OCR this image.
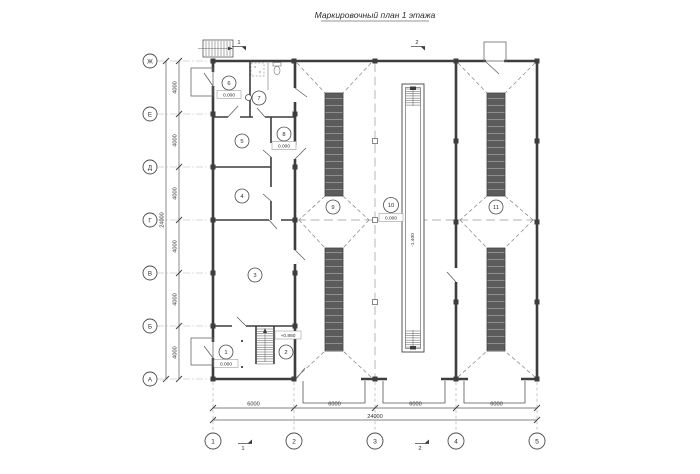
Маркировочный план 1 этажа
-1.400
4000
4000
4000
4000
4000
4000
24000
6000	6000	6000	6000
24000
Ж
Е
Д
Г
В
Б
А
1	2	3	4	5
1	2
1	2
1
0.000
2
+0.860
3
4
5
6
0.000
7
8
0.000
9	10
0.000
11
